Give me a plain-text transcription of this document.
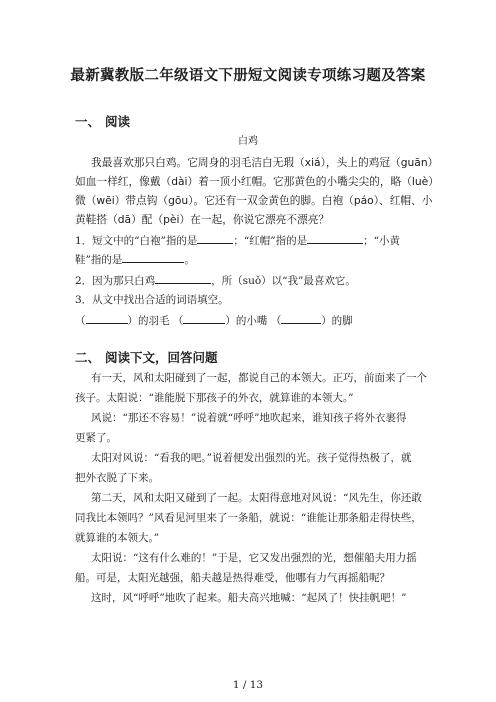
最新冀教版二年级语文下册短文阅读专项练习题及答案
一、 阅读
白鸡
我最喜欢那只白鸡。它周身的羽毛洁白无瑕（xiá），头上的鸡冠（guān）
如血一样红，像戴（dài）着一顶小红帽。它那黄色的小嘴尖尖的，略（luè）
微（wēi）带点钩（gōu）。它还有一双金黄色的脚。白袍（páo）、红帽、小
黄鞋搭（dā）配（pèi）在一起，你说它漂亮不漂亮？
1．短文中的“白袍”指的是	；“红帽”指的是	；“小黄
鞋”指的是	。
2．因为那只白鸡	，所（suǒ）以“我”最喜欢它。
3．从文中找出合适的词语填空。
（	）的羽毛 （	）的小嘴 （	）的脚
二、 阅读下文，回答问题
有一天，风和太阳碰到了一起，都说自己的本领大。正巧，前面来了一个
孩子。太阳说：“谁能脱下那孩子的外衣，就算谁的本领大。”
风说：“那还不容易！”说着就“呼呼”地吹起来，谁知孩子将外衣裹得
更紧了。
太阳对风说：“看我的吧。”说着便发出强烈的光。孩子觉得热极了，就
把外衣脱了下来。
第二天，风和太阳又碰到了一起。太阳得意地对风说：“风先生，你还敢
同我比本领吗？”风看见河里来了一条船，就说：“谁能让那条船走得快些，
就算谁的本领大。”
太阳说：“这有什么难的！”于是，它又发出强烈的光，想催船夫用力摇
船。可是，太阳光越强，船夫越是热得难受，他哪有力气再摇船呢？
这时，风“呼呼”地吹了起来。船夫高兴地喊：“起风了！快挂帆吧！”
1 / 13
